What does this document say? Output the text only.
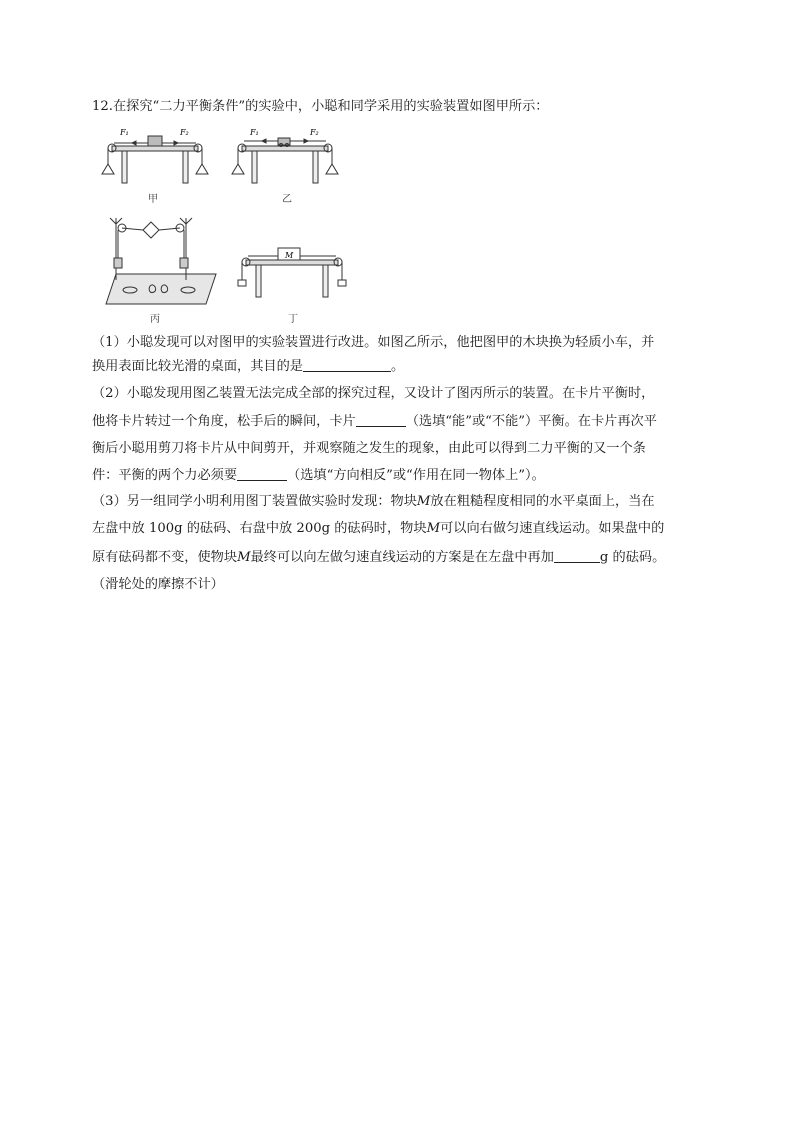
12.在探究“二力平衡条件”的实验中，小聪和同学采用的实验装置如图甲所示：
F₁	F₂
甲
F₁	F₂
乙
丙
M
丁
（1）小聪发现可以对图甲的实验装置进行改进。如图乙所示，他把图甲的木块换为轻质小车，并
换用表面比较光滑的桌面，其目的是	。
（2）小聪发现用图乙装置无法完成全部的探究过程，又设计了图丙所示的装置。在卡片平衡时，
他将卡片转过一个角度，松手后的瞬间，卡片	（选填“能”或“不能”）平衡。在卡片再次平
衡后小聪用剪刀将卡片从中间剪开，并观察随之发生的现象，由此可以得到二力平衡的又一个条
件：平衡的两个力必须要	（选填“方向相反”或“作用在同一物体上”）。
（3）另一组同学小明利用图丁装置做实验时发现：物块M放在粗糙程度相同的水平桌面上，当在
左盘中放 100g 的砝码、右盘中放 200g 的砝码时，物块M可以向右做匀速直线运动。如果盘中的
原有砝码都不变，使物块M最终可以向左做匀速直线运动的方案是在左盘中再加	g 的砝码。
（滑轮处的摩擦不计）
